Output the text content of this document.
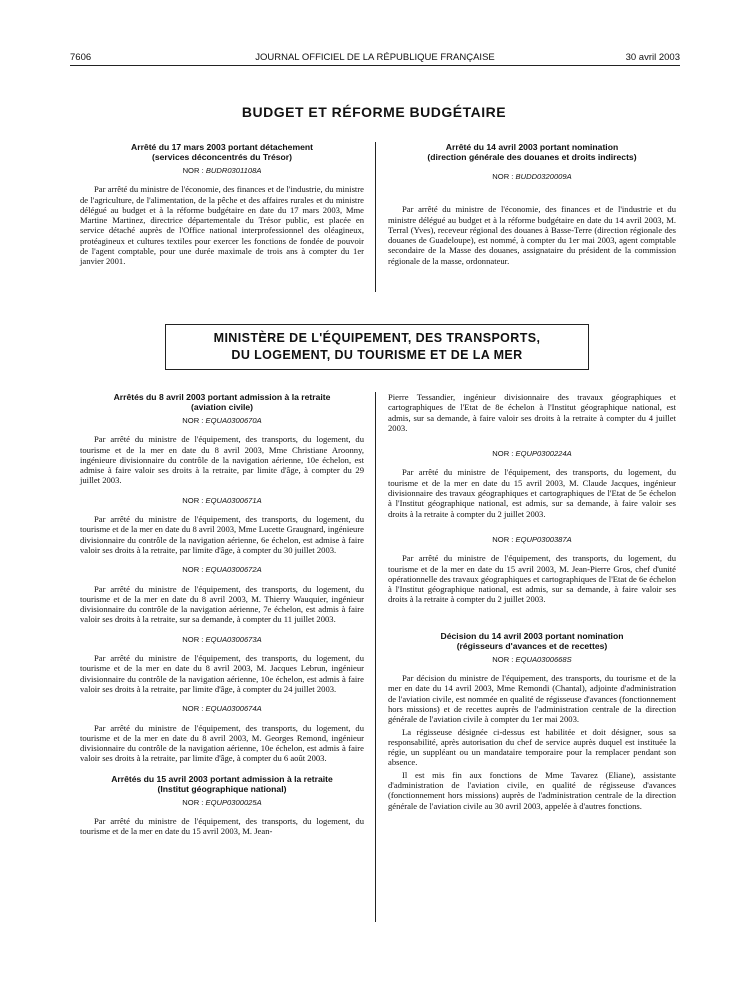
7606	JOURNAL OFFICIEL DE LA RÉPUBLIQUE FRANÇAISE	30 avril 2003
BUDGET ET RÉFORME BUDGÉTAIRE

Arrêté du 17 mars 2003 portant détachement

(services déconcentrés du Trésor)

NOR : BUDR0301108A

Par arrêté du ministre de l'économie, des finances et de l'industrie, du ministre de l'agriculture, de l'alimentation, de la pêche et des affaires rurales et du ministre délégué au budget et à la réforme budgétaire en date du 17 mars 2003, Mme Martine Martinez, directrice départementale du Trésor public, est placée en service détaché auprès de l'Office national interprofessionnel des oléagineux, protéagineux et cultures textiles pour exercer les fonctions de fondée de pouvoir de l'agent comptable, pour une durée maximale de trois ans à compter du 1er janvier 2001.

Arrêté du 14 avril 2003 portant nomination

(direction générale des douanes et droits indirects)

NOR : BUDD0320009A

Par arrêté du ministre de l'économie, des finances et de l'industrie et du ministre délégué au budget et à la réforme budgétaire en date du 14 avril 2003, M. Terral (Yves), receveur régional des douanes à Basse-Terre (direction régionale des douanes de Guadeloupe), est nommé, à compter du 1er mai 2003, agent comptable secondaire de la Masse des douanes, assignataire du président de la commission régionale de la masse, ordonnateur.

MINISTÈRE DE L'ÉQUIPEMENT, DES TRANSPORTS,
DU LOGEMENT, DU TOURISME ET DE LA MER

Arrêtés du 8 avril 2003 portant admission à la retraite

(aviation civile)

NOR : EQUA0300670A

Par arrêté du ministre de l'équipement, des transports, du logement, du tourisme et de la mer en date du 8 avril 2003, Mme Christiane Aroonny, ingénieure divisionnaire du contrôle de la navigation aérienne, 10e échelon, est admise à faire valoir ses droits à la retraite, par limite d'âge, à compter du 29 juillet 2003.

NOR : EQUA0300671A

Par arrêté du ministre de l'équipement, des transports, du logement, du tourisme et de la mer en date du 8 avril 2003, Mme Lucette Graugnard, ingénieure divisionnaire du contrôle de la navigation aérienne, 6e échelon, est admise à faire valoir ses droits à la retraite, par limite d'âge, à compter du 30 juillet 2003.

NOR : EQUA0300672A

Par arrêté du ministre de l'équipement, des transports, du logement, du tourisme et de la mer en date du 8 avril 2003, M. Thierry Wauquier, ingénieur divisionnaire du contrôle de la navigation aérienne, 7e échelon, est admis à faire valoir ses droits à la retraite, sur sa demande, à compter du 11 juillet 2003.

NOR : EQUA0300673A

Par arrêté du ministre de l'équipement, des transports, du logement, du tourisme et de la mer en date du 8 avril 2003, M. Jacques Lebrun, ingénieur divisionnaire du contrôle de la navigation aérienne, 10e échelon, est admis à faire valoir ses droits à la retraite, par limite d'âge, à compter du 24 juillet 2003.

NOR : EQUA0300674A

Par arrêté du ministre de l'équipement, des transports, du logement, du tourisme et de la mer en date du 8 avril 2003, M. Georges Remond, ingénieur divisionnaire du contrôle de la navigation aérienne, 10e échelon, est admis à faire valoir ses droits à la retraite, par limite d'âge, à compter du 6 août 2003.

Arrêtés du 15 avril 2003 portant admission à la retraite

(Institut géographique national)

NOR : EQUP0300025A

Par arrêté du ministre de l'équipement, des transports, du logement, du tourisme et de la mer en date du 15 avril 2003, M. Jean-

Pierre Tessandier, ingénieur divisionnaire des travaux géographiques et cartographiques de l'Etat de 8e échelon à l'Institut géographique national, est admis, sur sa demande, à faire valoir ses droits à la retraite à compter du 4 juillet 2003.

NOR : EQUP0300224A

Par arrêté du ministre de l'équipement, des transports, du logement, du tourisme et de la mer en date du 15 avril 2003, M. Claude Jacques, ingénieur divisionnaire des travaux géographiques et cartographiques de l'Etat de 5e échelon à l'Institut géographique national, est admis, sur sa demande, à faire valoir ses droits à la retraite à compter du 2 juillet 2003.

NOR : EQUP0300387A

Par arrêté du ministre de l'équipement, des transports, du logement, du tourisme et de la mer en date du 15 avril 2003, M. Jean-Pierre Gros, chef d'unité opérationnelle des travaux géographiques et cartographiques de l'Etat de 6e échelon à l'Institut géographique national, est admis, sur sa demande, à faire valoir ses droits à la retraite à compter du 2 juillet 2003.

Décision du 14 avril 2003 portant nomination

(régisseurs d'avances et de recettes)

NOR : EQUA0300668S

Par décision du ministre de l'équipement, des transports, du tourisme et de la mer en date du 14 avril 2003, Mme Remondi (Chantal), adjointe d'administration de l'aviation civile, est nommée en qualité de régisseuse d'avances (fonctionnement hors missions) et de recettes auprès de l'administration centrale de la direction générale de l'aviation civile à compter du 1er mai 2003.

La régisseuse désignée ci-dessus est habilitée et doit désigner, sous sa responsabilité, après autorisation du chef de service auprès duquel est instituée la régie, un suppléant ou un mandataire temporaire pour la remplacer pendant son absence.

Il est mis fin aux fonctions de Mme Tavarez (Eliane), assistante d'administration de l'aviation civile, en qualité de régisseuse d'avances (fonctionnement hors missions) auprès de l'administration centrale de la direction générale de l'aviation civile au 30 avril 2003, appelée à d'autres fonctions.
